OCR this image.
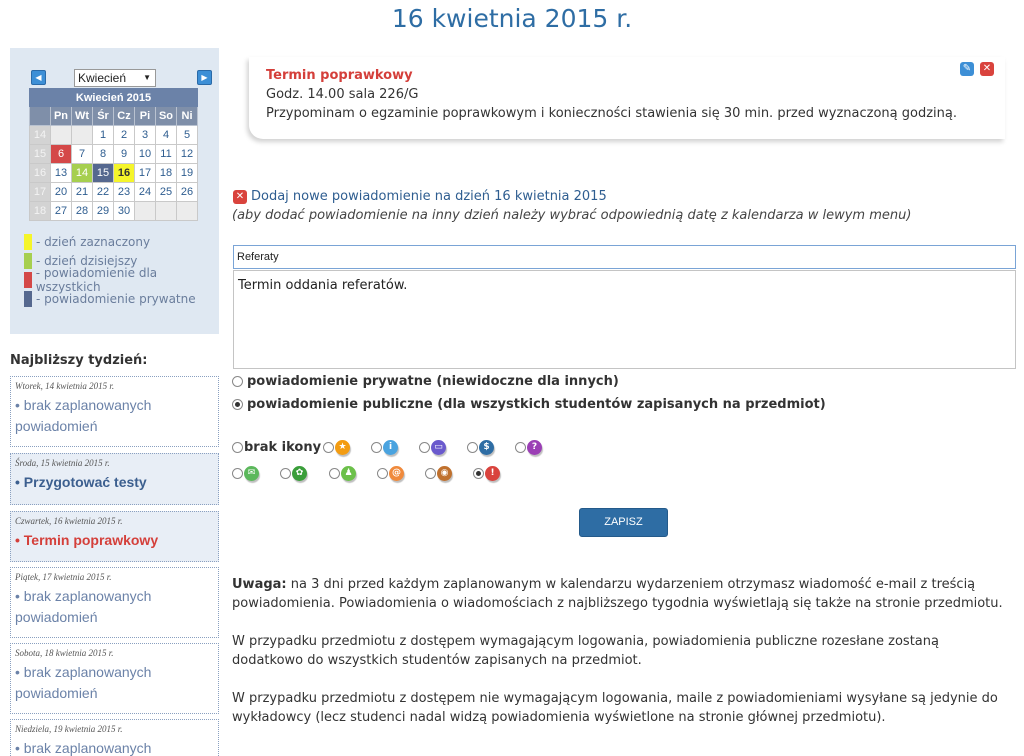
16 kwietnia 2015 r.
◀	Kwiecień ▼	▶
Kwiecień 2015							
	Pn	Wt	Śr	Cz	Pi	So	Ni
14			1	2	3	4	5
15	6	7	8	9	10	11	12
16	13	14	15	16	17	18	19
17	20	21	22	23	24	25	26
18	27	28	29	30			
- dzień zaznaczony
- dzień dzisiejszy
- powiadomienie dla wszystkich
- powiadomienie prywatne
Najbliższy tydzień:
Wtorek, 14 kwietnia 2015 r.
• brak zaplanowanych
powiadomień
Środa, 15 kwietnia 2015 r.
• Przygotować testy
Czwartek, 16 kwietnia 2015 r.
• Termin poprawkowy
Piątek, 17 kwietnia 2015 r.
• brak zaplanowanych
powiadomień
Sobota, 18 kwietnia 2015 r.
• brak zaplanowanych
powiadomień
Niedziela, 19 kwietnia 2015 r.
• brak zaplanowanych
Termin poprawkowy
Godz. 14.00 sala 226/G
Przypominam o egzaminie poprawkowym i konieczności stawienia się 30 min. przed wyznaczoną godziną.
✎ ✕
✕ Dodaj nowe powiadomienie na dzień 16 kwietnia 2015
(aby dodać powiadomienie na inny dzień należy wybrać odpowiednią datę z kalendarza w lewym menu)
Referaty
Termin oddania referatów.
powiadomienie prywatne (niewidoczne dla innych)
powiadomienie publiczne (dla wszystkich studentów zapisanych na przedmiot)
brak ikony	★	i	▭	$	?
✉	✿	♟	@	◉	!
ZAPISZ
Uwaga: na 3 dni przed każdym zaplanowanym w kalendarzu wydarzeniem otrzymasz wiadomość e-mail z treścią powiadomienia. Powiadomienia o wiadomościach z najbliższego tygodnia wyświetlają się także na stronie przedmiotu.
W przypadku przedmiotu z dostępem wymagającym logowania, powiadomienia publiczne rozesłane zostaną dodatkowo do wszystkich studentów zapisanych na przedmiot.
W przypadku przedmiotu z dostępem nie wymagającym logowania, maile z powiadomieniami wysyłane są jedynie do wykładowcy (lecz studenci nadal widzą powiadomienia wyświetlone na stronie głównej przedmiotu).
